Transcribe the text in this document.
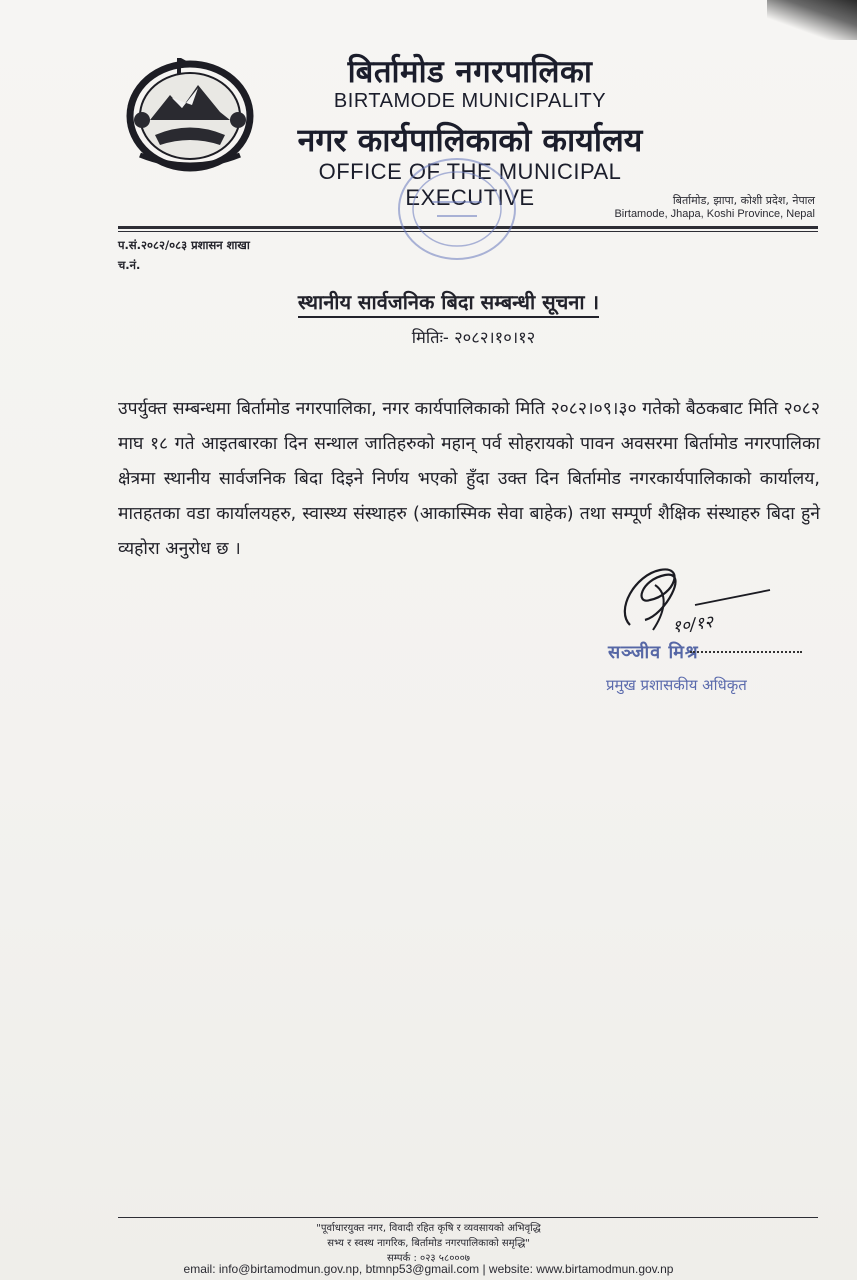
बिर्तामोड नगरपालिका
BIRTAMODE MUNICIPALITY
नगर कार्यपालिकाको कार्यालय
OFFICE OF THE MUNICIPAL EXECUTIVE	बिर्तामोड, झापा, कोशी प्रदेश, नेपाल
Birtamode, Jhapa, Koshi Province, Nepal
प.सं.२०८२/०८३ प्रशासन शाखा
च.नं.
स्थानीय सार्वजनिक बिदा सम्बन्धी सूचना ।
मितिः- २०८२।१०।१२
उपर्युक्त सम्बन्धमा बिर्तामोड नगरपालिका, नगर कार्यपालिकाको मिति २०८२।०९।३० गतेको बैठकबाट मिति २०८२ माघ १८ गते आइतबारका दिन सन्थाल जातिहरुको महान् पर्व सोहरायको पावन अवसरमा बिर्तामोड नगरपालिका क्षेत्रमा स्थानीय सार्वजनिक बिदा दिइने निर्णय भएको हुँदा उक्त दिन बिर्तामोड नगरकार्यपालिकाको कार्यालय, मातहतका वडा कार्यालयहरु, स्वास्थ्य संस्थाहरु (आकास्मिक सेवा बाहेक) तथा सम्पूर्ण शैक्षिक संस्थाहरु बिदा हुने व्यहोरा अनुरोध छ ।
१०/१२
सञ्जीव मिश्र
प्रमुख प्रशासकीय अधिकृत
"पूर्वाधारयुक्त नगर, विवादी रहित कृषि र व्यवसायको अभिवृद्धि
सभ्य र स्वस्थ नागरिक, बिर्तामोड नगरपालिकाको समृद्धि"
सम्पर्क : ०२३ ५८०००७
email: info@birtamodmun.gov.np, btmnp53@gmail.com | website: www.birtamodmun.gov.np
